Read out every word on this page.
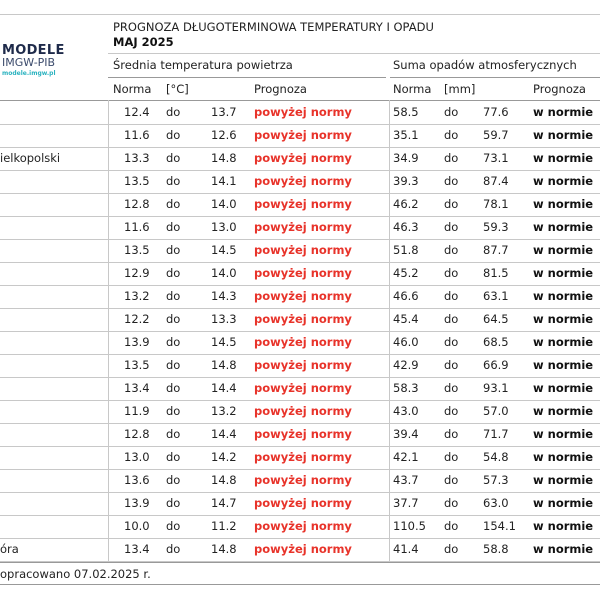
MODELE
IMGW-PIB
modele.imgw.pl
PROGNOZA DŁUGOTERMINOWA TEMPERATURY I OPADU
MAJ 2025
Średnia temperatura powietrza	Suma opadów atmosferycznych
Norma [°C]	Prognoza	Norma [mm]	Prognoza
12.4 do	13.7 powyżej normy	58.5 do 77.6 w normie
11.6 do	12.6 powyżej normy	35.1 do 59.7 w normie
ielkopolski	13.3 do	14.8 powyżej normy	34.9 do 73.1 w normie
13.5 do	14.1 powyżej normy	39.3 do 87.4 w normie
12.8 do	14.0 powyżej normy	46.2 do 78.1 w normie
11.6 do	13.0 powyżej normy	46.3 do 59.3 w normie
13.5 do	14.5 powyżej normy	51.8 do 87.7 w normie
12.9 do	14.0 powyżej normy	45.2 do 81.5 w normie
13.2 do	14.3 powyżej normy	46.6 do 63.1 w normie
12.2 do	13.3 powyżej normy	45.4 do 64.5 w normie
13.9 do	14.5 powyżej normy	46.0 do 68.5 w normie
13.5 do	14.8 powyżej normy	42.9 do 66.9 w normie
13.4 do	14.4 powyżej normy	58.3 do 93.1 w normie
11.9 do	13.2 powyżej normy	43.0 do 57.0 w normie
12.8 do	14.4 powyżej normy	39.4 do 71.7 w normie
13.0 do	14.2 powyżej normy	42.1 do 54.8 w normie
13.6 do	14.8 powyżej normy	43.7 do 57.3 w normie
13.9 do	14.7 powyżej normy	37.7 do 63.0 w normie
10.0 do	11.2 powyżej normy	110.5 do 154.1 w normie
óra	13.4 do	14.8 powyżej normy	41.4 do 58.8 w normie
opracowano 07.02.2025 r.
